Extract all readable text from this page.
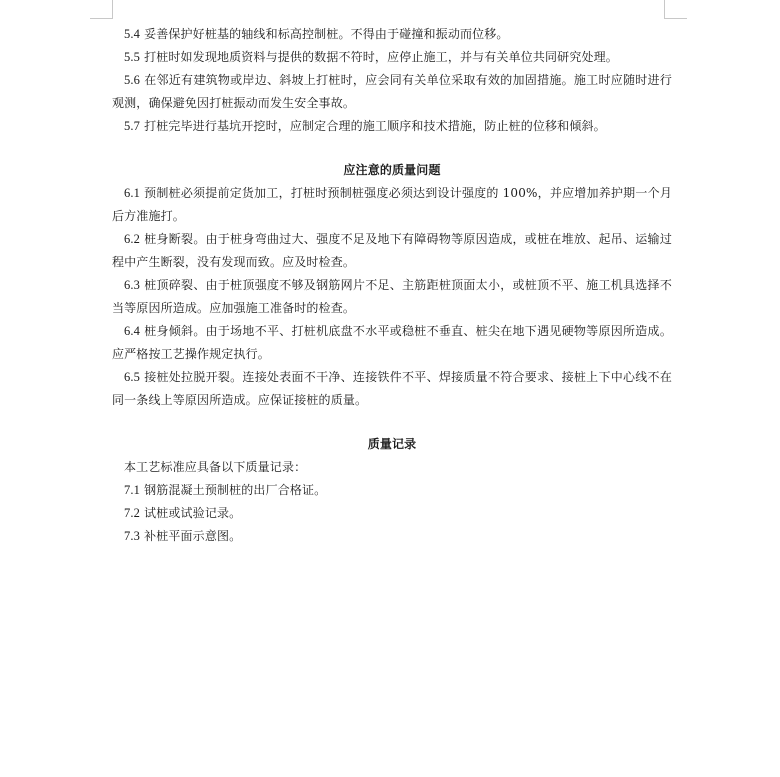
5.4 妥善保护好桩基的轴线和标高控制桩。不得由于碰撞和振动而位移。

5.5 打桩时如发现地质资料与提供的数据不符时，应停止施工，并与有关单位共同研究处理。

5.6 在邻近有建筑物或岸边、斜坡上打桩时，应会同有关单位采取有效的加固措施。施工时应随时进行观测，确保避免因打桩振动而发生安全事故。

5.7 打桩完毕进行基坑开挖时，应制定合理的施工顺序和技术措施，防止桩的位移和倾斜。

应注意的质量问题

6.1 预制桩必须提前定货加工，打桩时预制桩强度必须达到设计强度的 100%，并应增加养护期一个月后方准施打。

6.2 桩身断裂。由于桩身弯曲过大、强度不足及地下有障碍物等原因造成，或桩在堆放、起吊、运输过程中产生断裂，没有发现而致。应及时检查。

6.3 桩顶碎裂、由于桩顶强度不够及钢筋网片不足、主筋距桩顶面太小，或桩顶不平、施工机具选择不当等原因所造成。应加强施工准备时的检查。

6.4 桩身倾斜。由于场地不平、打桩机底盘不水平或稳桩不垂直、桩尖在地下遇见硬物等原因所造成。应严格按工艺操作规定执行。

6.5 接桩处拉脱开裂。连接处表面不干净、连接铁件不平、焊接质量不符合要求、接桩上下中心线不在同一条线上等原因所造成。应保证接桩的质量。

质量记录

本工艺标准应具备以下质量记录：

7.1 钢筋混凝土预制桩的出厂合格证。

7.2 试桩或试验记录。

7.3 补桩平面示意图。
